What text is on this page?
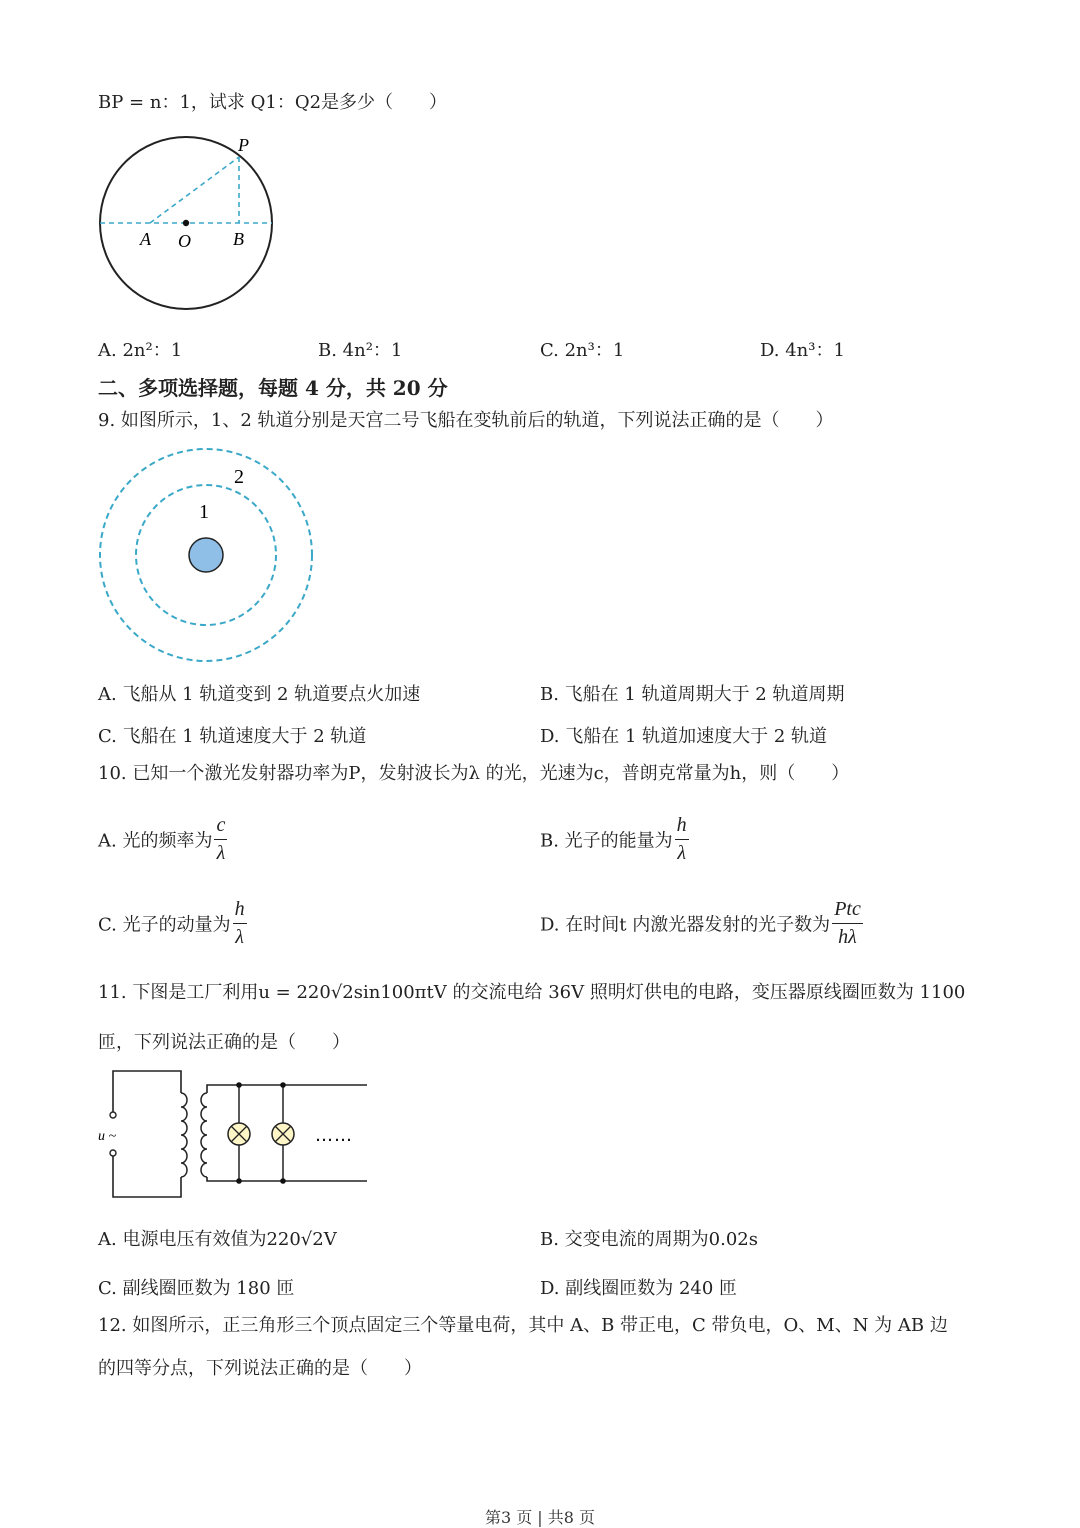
BP = n：1，试求 Q1：Q2是多少（　　）
P
A O B
A. 2n²：1	B. 4n²：1	C. 2n³：1	D. 4n³：1
二、多项选择题，每题 4 分，共 20 分
9. 如图所示，1、2 轨道分别是天宫二号飞船在变轨前后的轨道，下列说法正确的是（　　）
1
2
A. 飞船从 1 轨道变到 2 轨道要点火加速	B. 飞船在 1 轨道周期大于 2 轨道周期
C. 飞船在 1 轨道速度大于 2 轨道	D. 飞船在 1 轨道加速度大于 2 轨道
10. 已知一个激光发射器功率为P，发射波长为λ 的光，光速为c，普朗克常量为h，则（　　）
A. 光的频率为 $\frac{c}{\lambda}$	B. 光子的能量为 $\frac{h}{\lambda}$
C. 光子的动量为 $\frac{h}{\lambda}$	D. 在时间t 内激光器发射的光子数为 $\frac{\text{Ptc}}{h\lambda}$
11. 下图是工厂利用u = 220√2sin100πtV 的交流电给 36V 照明灯供电的电路，变压器原线圈匝数为 1100
匝，下列说法正确的是（　　）
u ~	……
A. 电源电压有效值为220√2V	B. 交变电流的周期为0.02s
C. 副线圈匝数为 180 匝	D. 副线圈匝数为 240 匝
12. 如图所示，正三角形三个顶点固定三个等量电荷，其中 A、B 带正电，C 带负电，O、M、N 为 AB 边
的四等分点，下列说法正确的是（　　）
第3 页 | 共8 页
